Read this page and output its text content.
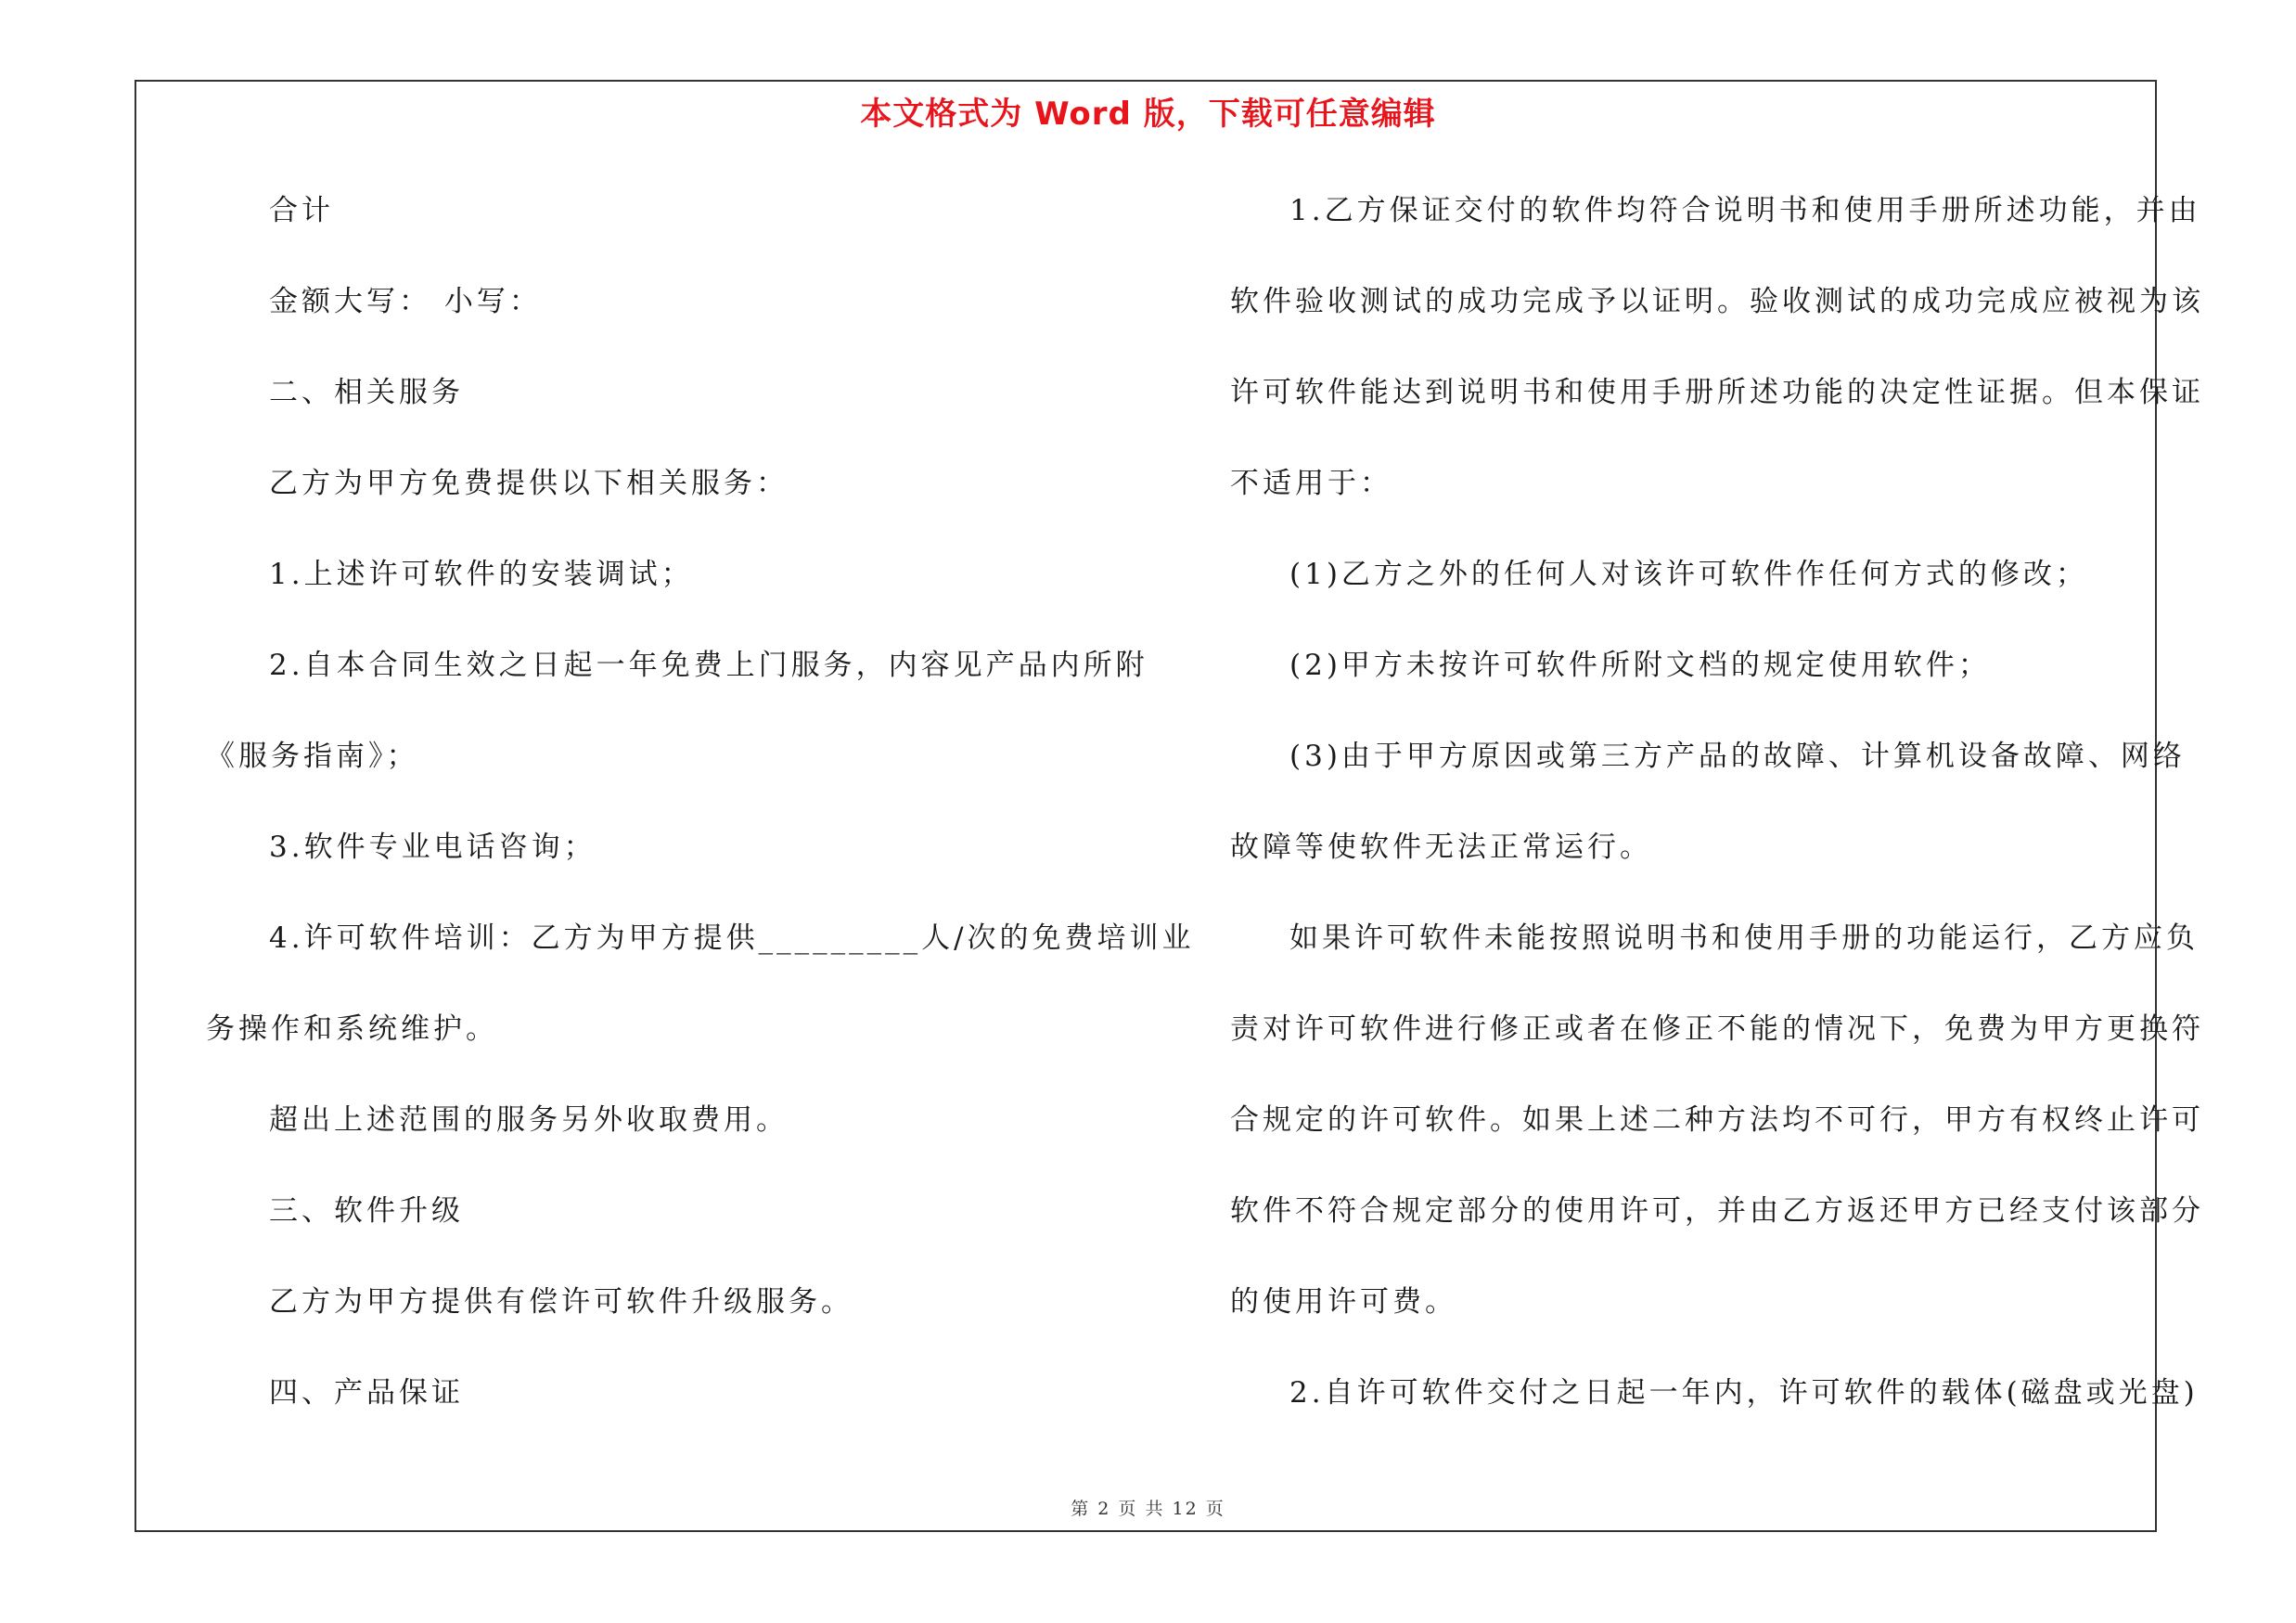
本文格式为 Word 版，下载可任意编辑
合计
金额大写： 小写：
二、相关服务
乙方为甲方免费提供以下相关服务：
1.上述许可软件的安装调试；
2.自本合同生效之日起一年免费上门服务，内容见产品内所附
《服务指南》；
3.软件专业电话咨询；
4.许可软件培训：乙方为甲方提供_________人/次的免费培训业
务操作和系统维护。
超出上述范围的服务另外收取费用。
三、软件升级
乙方为甲方提供有偿许可软件升级服务。
四、产品保证
1.乙方保证交付的软件均符合说明书和使用手册所述功能，并由
软件验收测试的成功完成予以证明。验收测试的成功完成应被视为该
许可软件能达到说明书和使用手册所述功能的决定性证据。但本保证
不适用于：
(1)乙方之外的任何人对该许可软件作任何方式的修改；
(2)甲方未按许可软件所附文档的规定使用软件；
(3)由于甲方原因或第三方产品的故障、计算机设备故障、网络
故障等使软件无法正常运行。
如果许可软件未能按照说明书和使用手册的功能运行，乙方应负
责对许可软件进行修正或者在修正不能的情况下，免费为甲方更换符
合规定的许可软件。如果上述二种方法均不可行，甲方有权终止许可
软件不符合规定部分的使用许可，并由乙方返还甲方已经支付该部分
的使用许可费。
2.自许可软件交付之日起一年内，许可软件的载体(磁盘或光盘)
第 2 页 共 12 页
